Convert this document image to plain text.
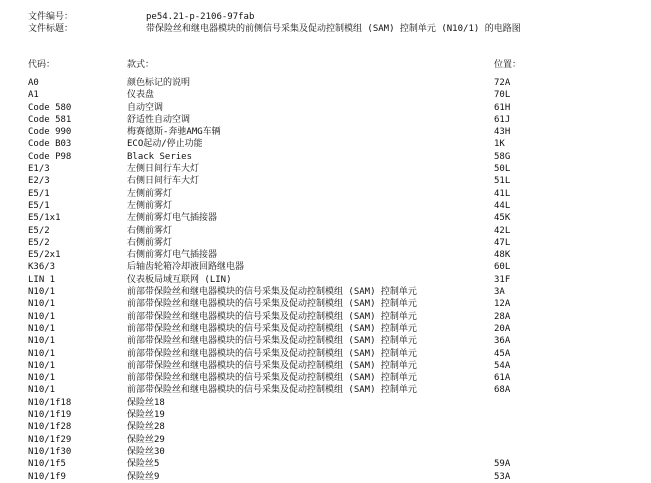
文件编号：	pe54.21-p-2106-97fab
文件标题：	带保险丝和继电器模块的前侧信号采集及促动控制模组 (SAM) 控制单元 (N10/1) 的电路图
代码：	款式：	位置：
A0	颜色标记的说明	72A
A1	仪表盘	70L
Code 580	自动空调	61H
Code 581	舒适性自动空调	61J
Code 990	梅赛德斯-奔驰AMG车辆	43H
Code B03	ECO起动/停止功能	1K
Code P98	Black Series	58G
E1/3	左侧日间行车大灯	50L
E2/3	右侧日间行车大灯	51L
E5/1	左侧前雾灯	41L
E5/1	左侧前雾灯	44L
E5/1x1	左侧前雾灯电气插接器	45K
E5/2	右侧前雾灯	42L
E5/2	右侧前雾灯	47L
E5/2x1	右侧前雾灯电气插接器	48K
K36/3	后轴齿轮箱冷却液回路继电器	60L
LIN 1	仪表板局域互联网 (LIN)	31F
N10/1	前部带保险丝和继电器模块的信号采集及促动控制模组 (SAM) 控制单元	3A
N10/1	前部带保险丝和继电器模块的信号采集及促动控制模组 (SAM) 控制单元	12A
N10/1	前部带保险丝和继电器模块的信号采集及促动控制模组 (SAM) 控制单元	28A
N10/1	前部带保险丝和继电器模块的信号采集及促动控制模组 (SAM) 控制单元	20A
N10/1	前部带保险丝和继电器模块的信号采集及促动控制模组 (SAM) 控制单元	36A
N10/1	前部带保险丝和继电器模块的信号采集及促动控制模组 (SAM) 控制单元	45A
N10/1	前部带保险丝和继电器模块的信号采集及促动控制模组 (SAM) 控制单元	54A
N10/1	前部带保险丝和继电器模块的信号采集及促动控制模组 (SAM) 控制单元	61A
N10/1	前部带保险丝和继电器模块的信号采集及促动控制模组 (SAM) 控制单元	68A
N10/1f18	保险丝18
N10/1f19	保险丝19
N10/1f28	保险丝28
N10/1f29	保险丝29
N10/1f30	保险丝30
N10/1f5	保险丝5	59A
N10/1f9	保险丝9	53A
